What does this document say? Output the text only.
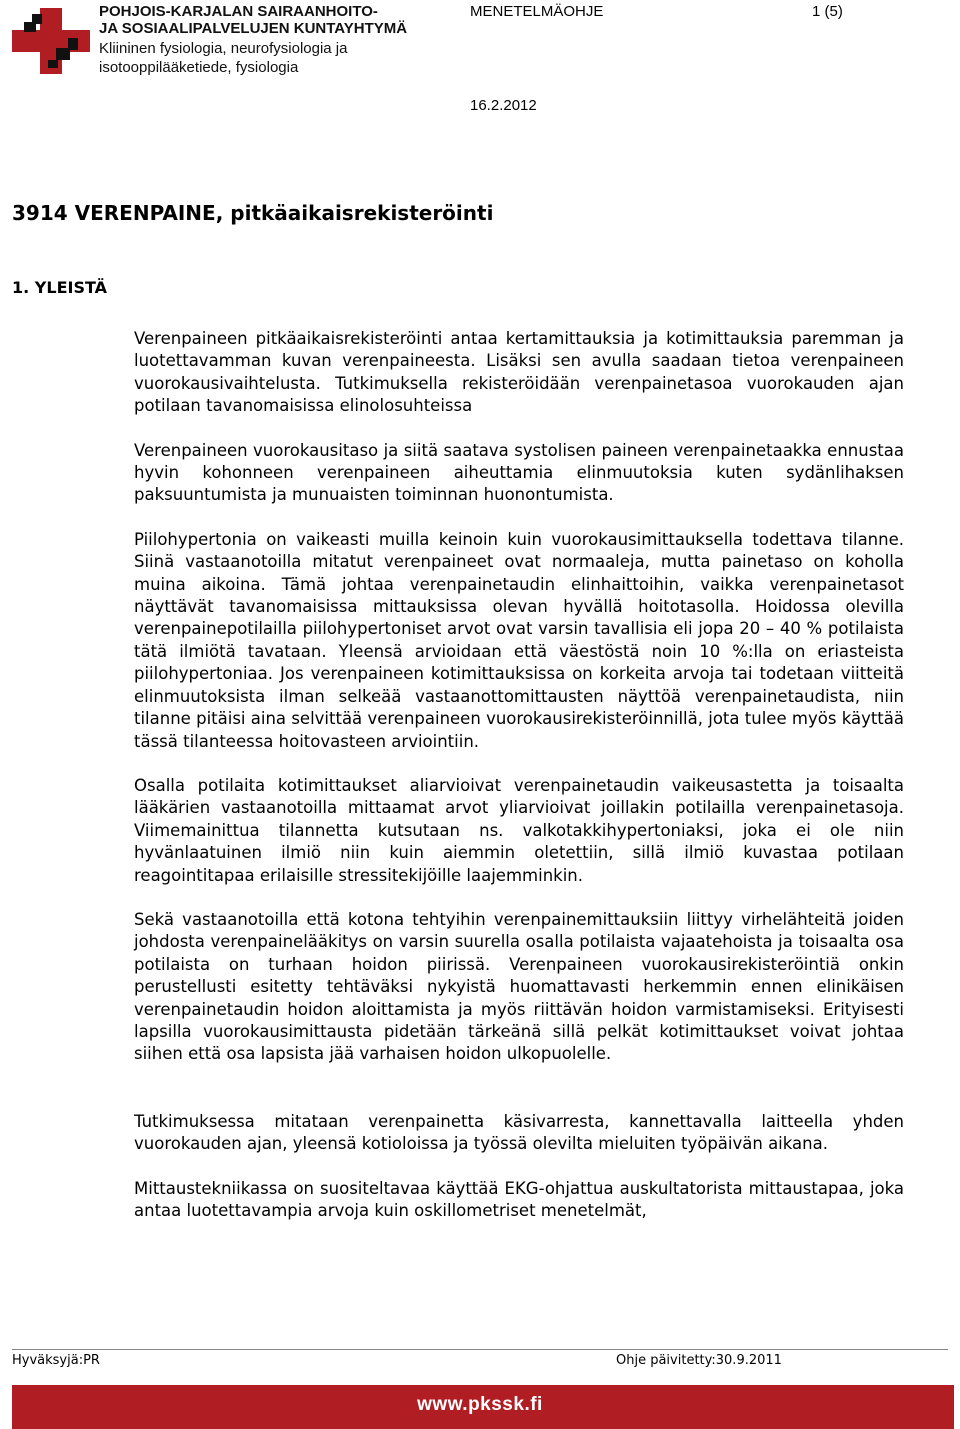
POHJOIS-KARJALAN SAIRAANHOITO-
JA SOSIAALIPALVELUJEN KUNTAYHTYMÄ
Kliininen fysiologia, neurofysiologia ja
isotooppilääketiede, fysiologia
MENETELMÄOHJE	1 (5)
16.2.2012
3914 VERENPAINE, pitkäaikaisrekisteröinti
1. YLEISTÄ

Verenpaineen pitkäaikaisrekisteröinti antaa kertamittauksia ja kotimittauksia paremman ja luotettavamman kuvan verenpaineesta. Lisäksi sen avulla saadaan tietoa verenpaineen vuorokausivaihtelusta. Tutkimuksella rekisteröidään verenpainetasoa vuorokauden ajan potilaan tavanomaisissa elinolosuhteissa

Verenpaineen vuorokausitaso ja siitä saatava systolisen paineen verenpainetaakka ennustaa hyvin kohonneen verenpaineen aiheuttamia elinmuutoksia kuten sydänlihaksen paksuuntumista ja munuaisten toiminnan huonontumista.

Piilohypertonia on vaikeasti muilla keinoin kuin vuorokausimittauksella todettava tilanne. Siinä vastaanotoilla mitatut verenpaineet ovat normaaleja, mutta painetaso on koholla muina aikoina. Tämä johtaa verenpainetaudin elinhaittoihin, vaikka verenpainetasot näyttävät tavanomaisissa mittauksissa olevan hyvällä hoitotasolla. Hoidossa olevilla verenpainepotilailla piilohypertoniset arvot ovat varsin tavallisia eli jopa 20 – 40 % potilaista tätä ilmiötä tavataan. Yleensä arvioidaan että väestöstä noin 10 %:lla on eriasteista piilohypertoniaa. Jos verenpaineen kotimittauksissa on korkeita arvoja tai todetaan viitteitä elinmuutoksista ilman selkeää vastaanottomittausten näyttöä verenpainetaudista, niin tilanne pitäisi aina selvittää verenpaineen vuorokausirekisteröinnillä, jota tulee myös käyttää tässä tilanteessa hoitovasteen arviointiin.

Osalla potilaita kotimittaukset aliarvioivat verenpainetaudin vaikeusastetta ja toisaalta lääkärien vastaanotoilla mittaamat arvot yliarvioivat joillakin potilailla verenpainetasoja. Viimemainittua tilannetta kutsutaan ns. valkotakkihypertoniaksi, joka ei ole niin hyvänlaatuinen ilmiö niin kuin aiemmin oletettiin, sillä ilmiö kuvastaa potilaan reagointitapaa erilaisille stressitekijöille laajemminkin.

Sekä vastaanotoilla että kotona tehtyihin verenpainemittauksiin liittyy virhelähteitä joiden johdosta verenpainelääkitys on varsin suurella osalla potilaista vajaatehoista ja toisaalta osa potilaista on turhaan hoidon piirissä. Verenpaineen vuorokausirekisteröintiä onkin perustellusti esitetty tehtäväksi nykyistä huomattavasti herkemmin ennen elinikäisen verenpainetaudin hoidon aloittamista ja myös riittävän hoidon varmistamiseksi. Erityisesti lapsilla vuorokausimittausta pidetään tärkeänä sillä pelkät kotimittaukset voivat johtaa siihen että osa lapsista jää varhaisen hoidon ulkopuolelle.

Tutkimuksessa mitataan verenpainetta käsivarresta, kannettavalla laitteella yhden vuorokauden ajan, yleensä kotioloissa ja työssä olevilta mieluiten työpäivän aikana.

Mittaustekniikassa on suositeltavaa käyttää EKG-ohjattua auskultatorista mittaustapaa, joka antaa luotettavampia arvoja kuin oskillometriset menetelmät,

Hyväksyjä:PR	Ohje päivitetty:30.9.2011
www.pkssk.fi
